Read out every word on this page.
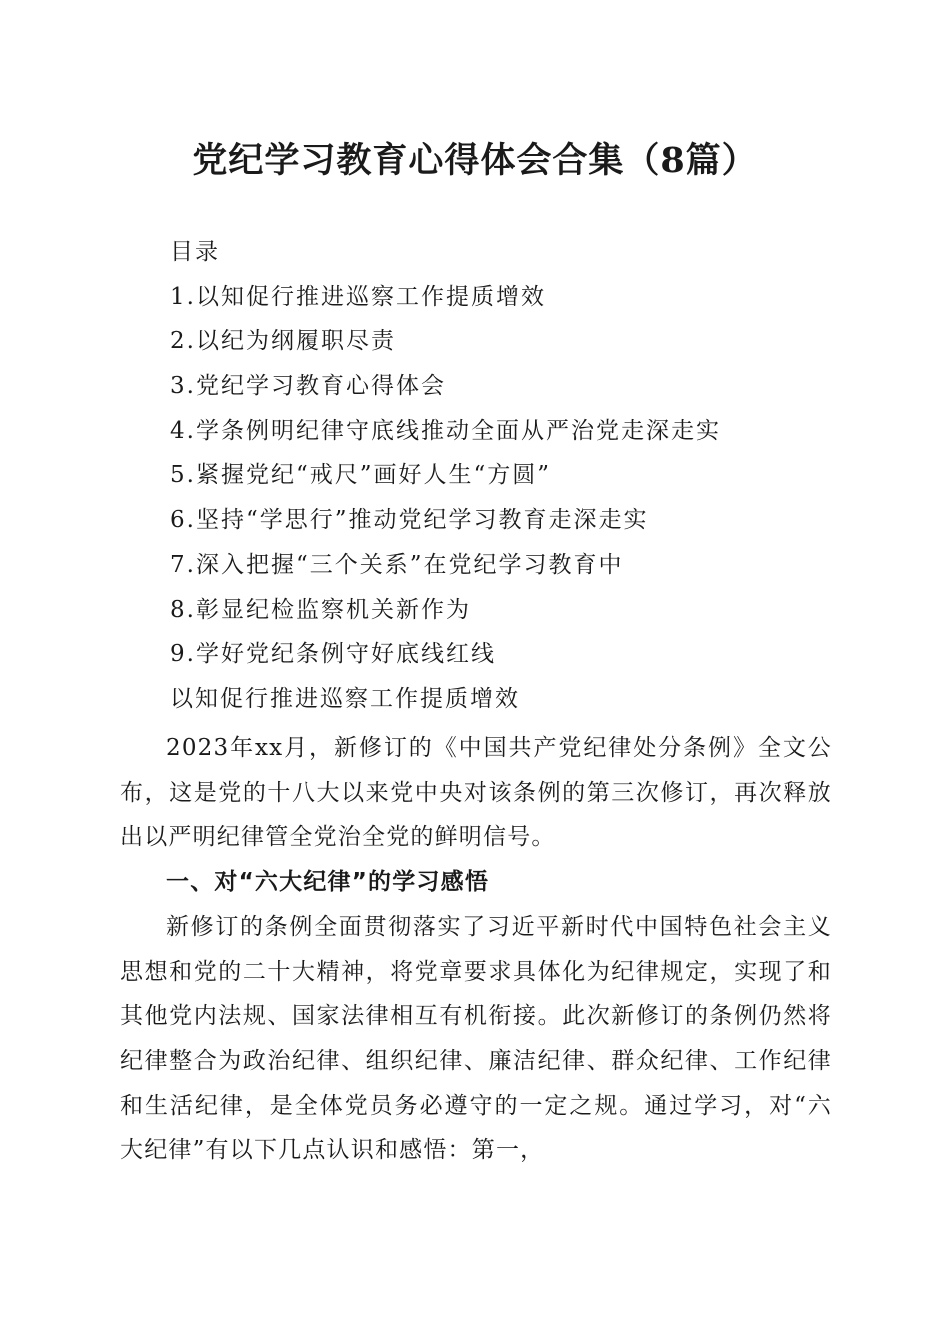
党纪学习教育心得体会合集（8篇）
目录
1.以知促行推进巡察工作提质增效
2.以纪为纲履职尽责
3.党纪学习教育心得体会
4.学条例明纪律守底线推动全面从严治党走深走实
5.紧握党纪“戒尺”画好人生“方圆”
6.坚持“学思行”推动党纪学习教育走深走实
7.深入把握“三个关系”在党纪学习教育中
8.彰显纪检监察机关新作为
9.学好党纪条例守好底线红线
以知促行推进巡察工作提质增效

2023年xx月，新修订的《中国共产党纪律处分条例》全文公布，这是党的十八大以来党中央对该条例的第三次修订，再次释放出以严明纪律管全党治全党的鲜明信号。

一、对“六大纪律”的学习感悟

新修订的条例全面贯彻落实了习近平新时代中国特色社会主义思想和党的二十大精神，将党章要求具体化为纪律规定，实现了和其他党内法规、国家法律相互有机衔接。此次新修订的条例仍然将纪律整合为政治纪律、组织纪律、廉洁纪律、群众纪律、工作纪律和生活纪律，是全体党员务必遵守的一定之规。通过学习，对“六大纪律”有以下几点认识和感悟：第一，
